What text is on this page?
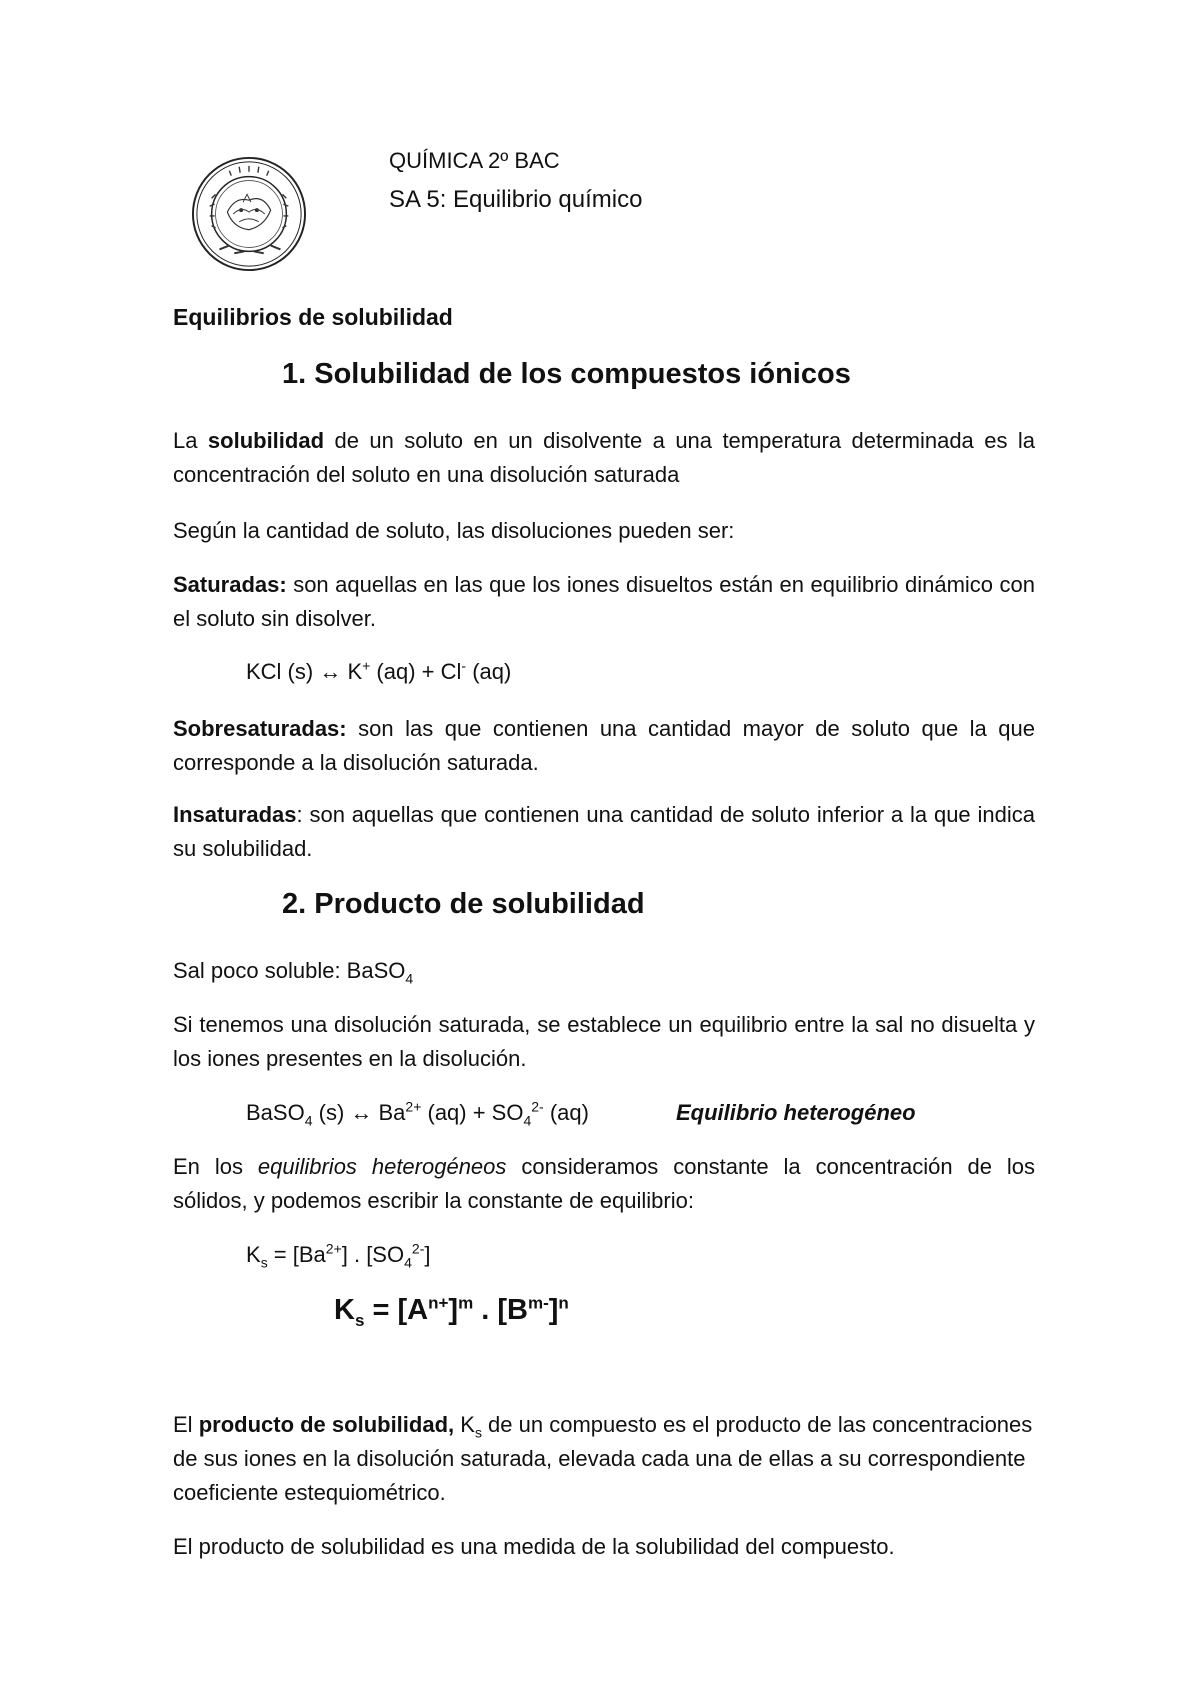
QUÍMICA 2º BAC
SA 5: Equilibrio químico
Equilibrios de solubilidad
1. Solubilidad de los compuestos iónicos
La solubilidad de un soluto en un disolvente a una temperatura determinada es la concentración del soluto en una disolución saturada
Según la cantidad de soluto, las disoluciones pueden ser:
Saturadas: son aquellas en las que los iones disueltos están en equilibrio dinámico con el soluto sin disolver.
KCl (s) ↔ K+ (aq) + Cl- (aq)
Sobresaturadas: son las que contienen una cantidad mayor de soluto que la que corresponde a la disolución saturada.
Insaturadas: son aquellas que contienen una cantidad de soluto inferior a la que indica su solubilidad.
2. Producto de solubilidad
Sal poco soluble: BaSO$_4$
Si tenemos una disolución saturada, se establece un equilibrio entre la sal no disuelta y los iones presentes en la disolución.
BaSO$_4$ (s) ↔ $Ba^{2+}$ $(aq) + SO_4^{2-}$ (aq)	Equilibrio heterogéneo
En los equilibrios heterogéneos consideramos constante la concentración de los sólidos, y podemos escribir la constante de equilibrio:
$K_s = [Ba^{2+}]$ . $[SO_4^{2-}]$
$K_s = [A^{n+}]^m$ . $[B^{m-}]^n$
El producto de solubilidad, $K_s$ de un compuesto es el producto de las concentraciones de sus iones en la disolución saturada, elevada cada una de ellas a su correspondiente coeficiente estequiométrico.
El producto de solubilidad es una medida de la solubilidad del compuesto.
